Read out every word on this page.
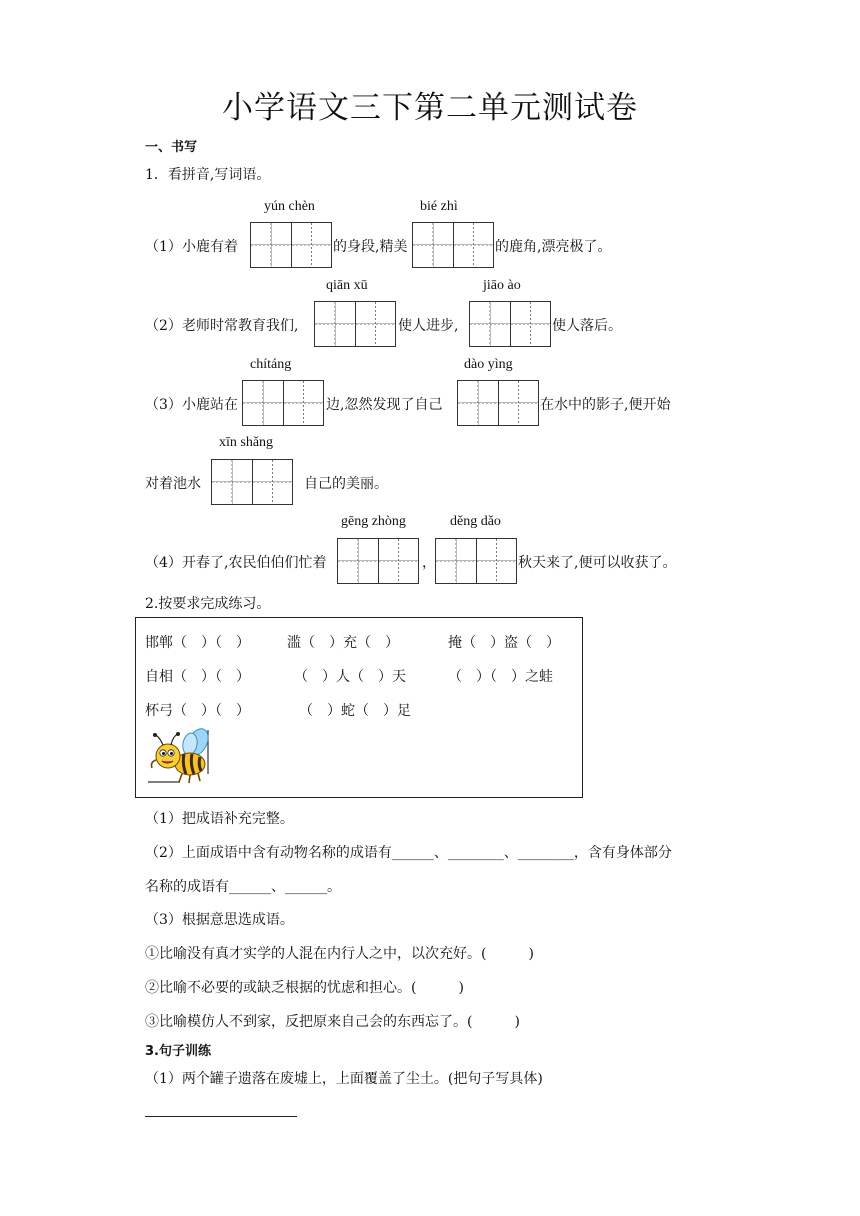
小学语文三下第二单元测试卷
一、书写
1．看拼音,写词语。
yún chèn	bié zhì
（1） 小鹿有着	的身段,精美	的鹿角,漂亮极了。
qiān xū	jiāo ào
（2） 老师时常教育我们,	使人进步,	使人落后。
chítáng	dào yìng
（3） 小鹿站在	边,忽然发现了自己	在水中的影子,便开始
xīn shǎng
对着池水	自己的美丽。
gēng zhòng	děng dǎo
（4） 开春了,农民伯伯们忙着	，	秋天来了,便可以收获了。
2.按要求完成练习。
邯郸（　）（　）	滥（　）充（　）	掩（　）盗（　）
自相（　）（　）	（　）人（　）天	（　）（　）之蛙
杯弓（　）（　）	（　）蛇（　）足
（1）把成语补充完整。
（2）上面成语中含有动物名称的成语有______、________、________，含有身体部分
名称的成语有______、______。
（3）根据意思选成语。
①比喻没有真才实学的人混在内行人之中，以次充好。(　　　)
②比喻不必要的或缺乏根据的忧虑和担心。(　　　)
③比喻模仿人不到家，反把原来自己会的东西忘了。(　　　)
3.句子训练
（1）两个罐子遗落在废墟上，上面覆盖了尘土。(把句子写具体)
